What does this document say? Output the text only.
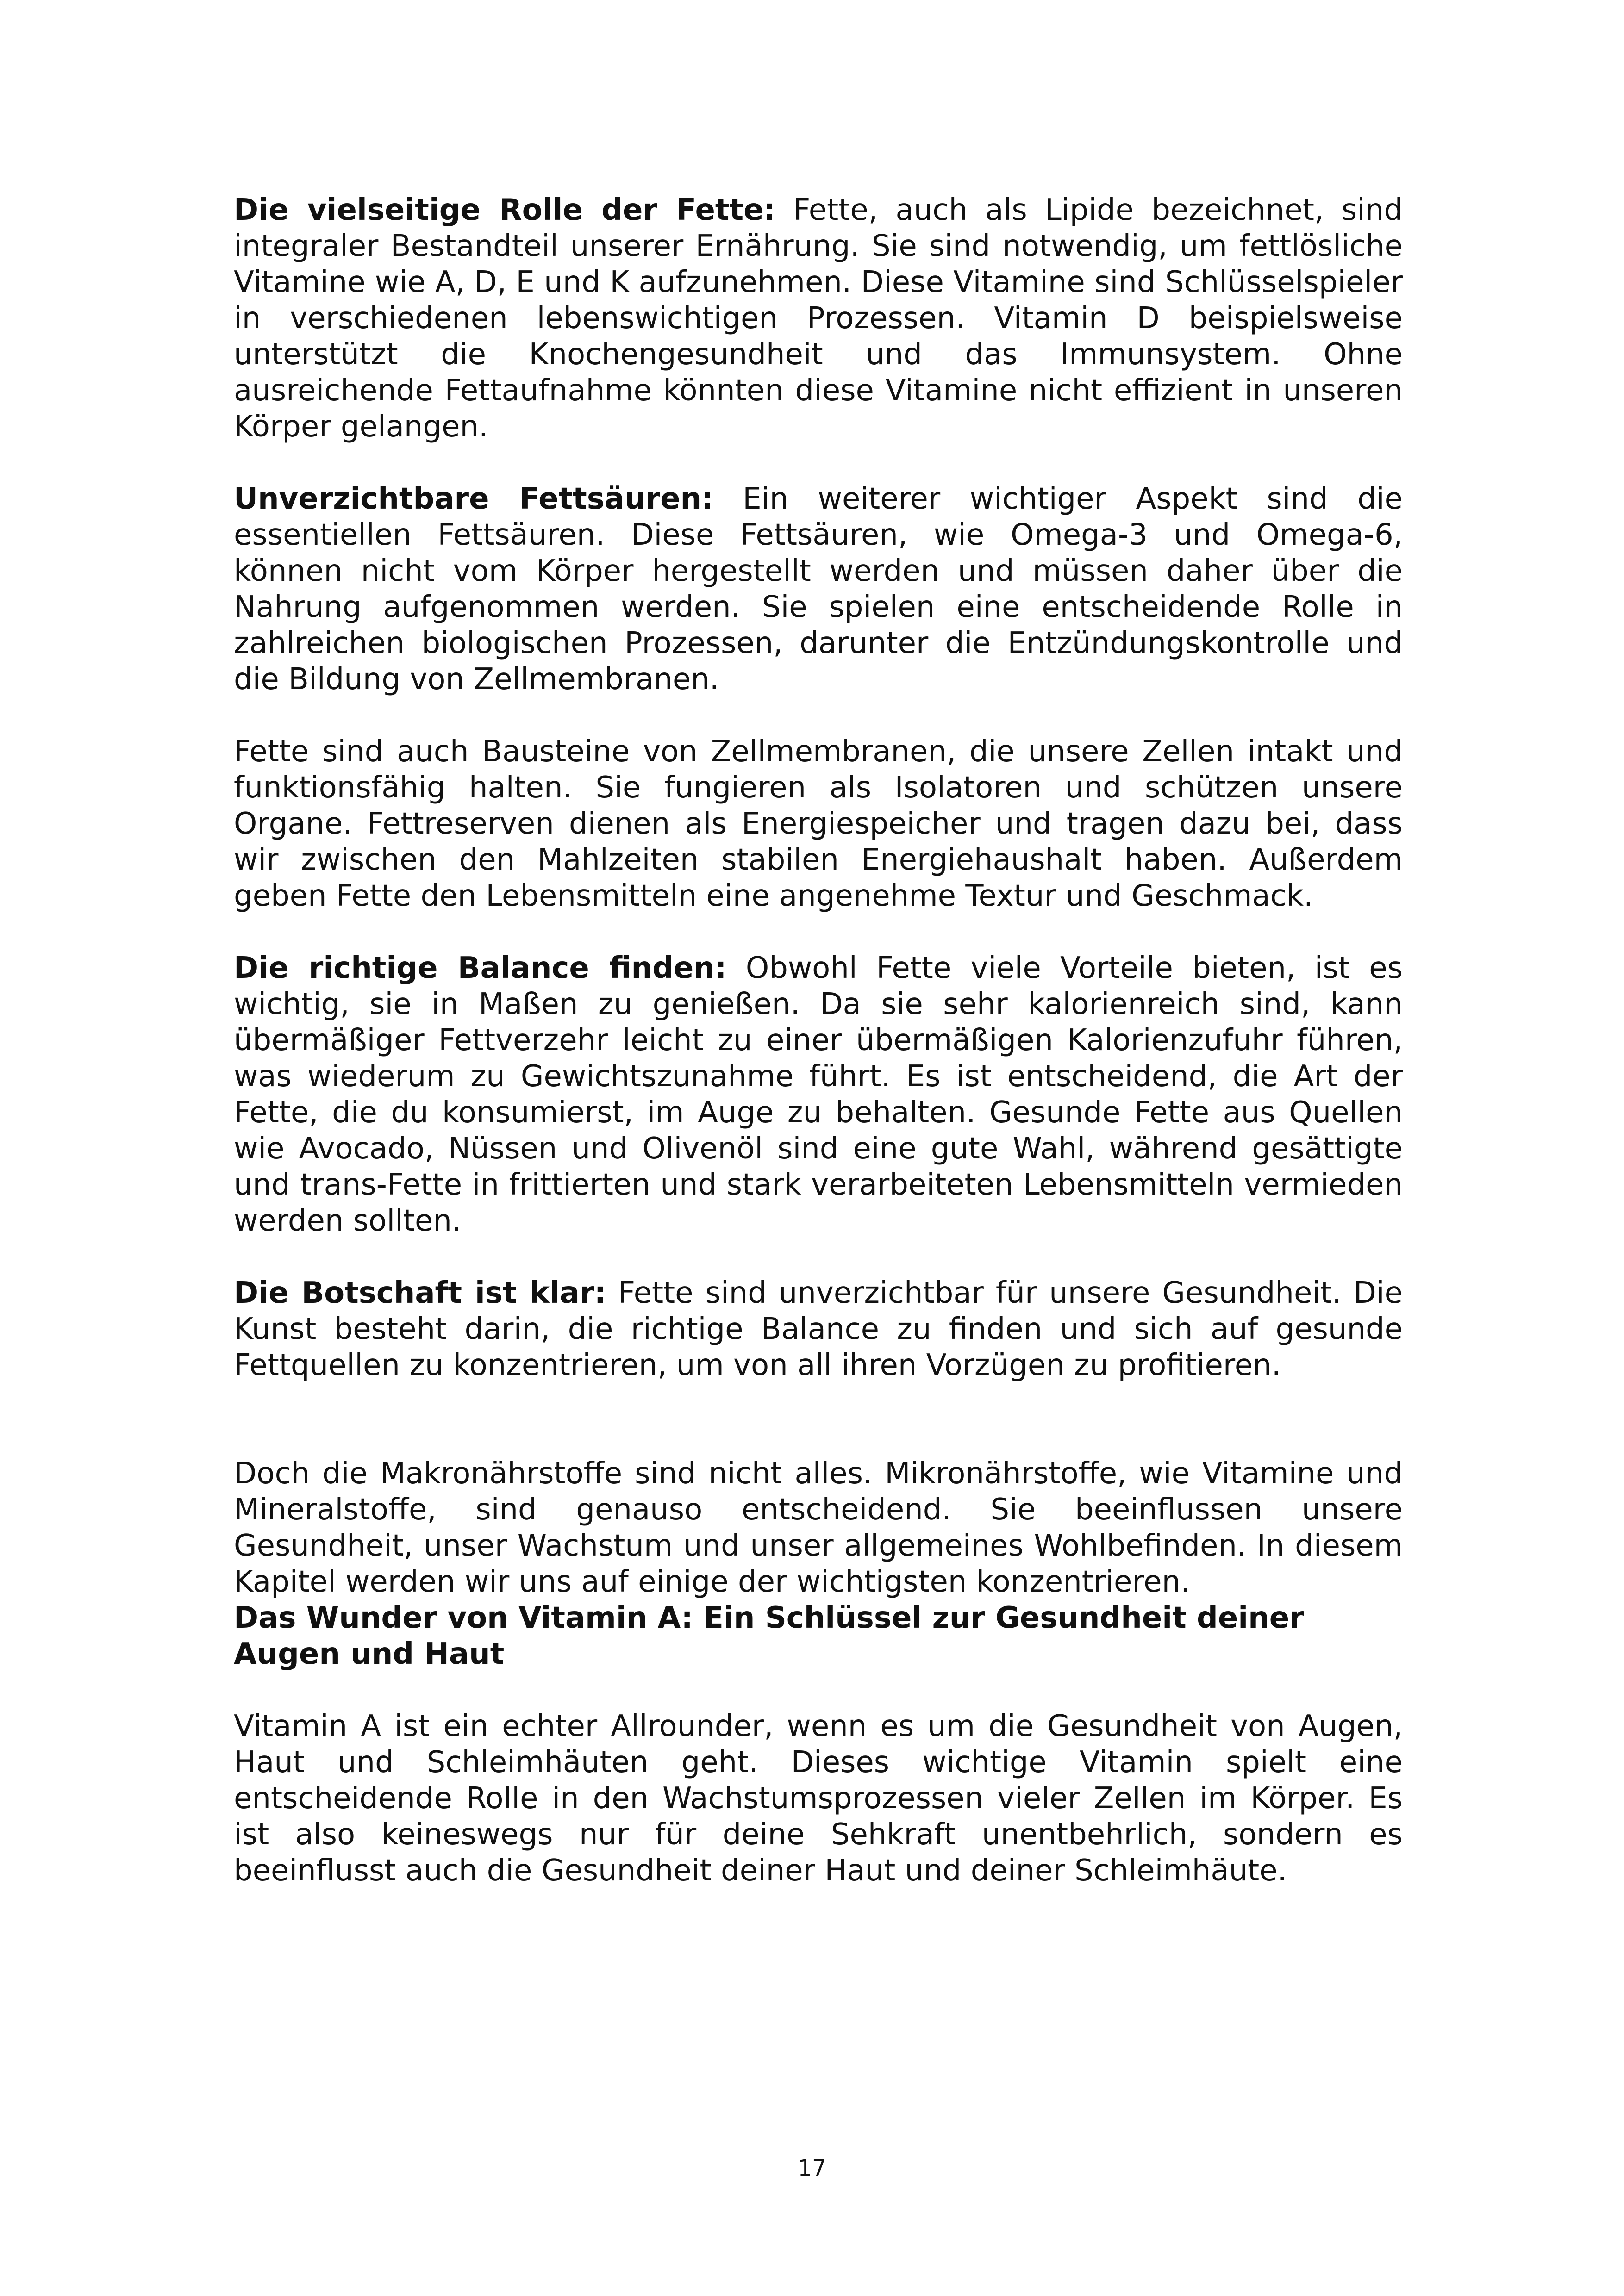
Die vielseitige Rolle der Fette: Fette, auch als Lipide bezeichnet, sind integraler Bestandteil unserer Ernährung. Sie sind notwendig, um fettlösliche Vitamine wie A, D, E und K aufzunehmen. Diese Vitamine sind Schlüsselspieler in verschiedenen lebenswichtigen Prozessen. Vitamin D beispielsweise unterstützt die Knochengesundheit und das Immunsystem. Ohne ausreichende Fettaufnahme könnten diese Vitamine nicht effizient in unseren Körper gelangen.

Unverzichtbare Fettsäuren: Ein weiterer wichtiger Aspekt sind die essentiellen Fettsäuren. Diese Fettsäuren, wie Omega-3 und Omega-6, können nicht vom Körper hergestellt werden und müssen daher über die Nahrung aufgenommen werden. Sie spielen eine entscheidende Rolle in zahlreichen biologischen Prozessen, darunter die Entzündungskontrolle und die Bildung von Zellmembranen.

Fette sind auch Bausteine von Zellmembranen, die unsere Zellen intakt und funktionsfähig halten. Sie fungieren als Isolatoren und schützen unsere Organe. Fettreserven dienen als Energiespeicher und tragen dazu bei, dass wir zwischen den Mahlzeiten stabilen Energiehaushalt haben. Außerdem geben Fette den Lebensmitteln eine angenehme Textur und Geschmack.

Die richtige Balance finden: Obwohl Fette viele Vorteile bieten, ist es wichtig, sie in Maßen zu genießen. Da sie sehr kalorienreich sind, kann übermäßiger Fettverzehr leicht zu einer übermäßigen Kalorienzufuhr führen, was wiederum zu Gewichtszunahme führt. Es ist entscheidend, die Art der Fette, die du konsumierst, im Auge zu behalten. Gesunde Fette aus Quellen wie Avocado, Nüssen und Olivenöl sind eine gute Wahl, während gesättigte und trans-Fette in frittierten und stark verarbeiteten Lebensmitteln vermieden werden sollten.

Die Botschaft ist klar: Fette sind unverzichtbar für unsere Gesundheit. Die Kunst besteht darin, die richtige Balance zu finden und sich auf gesunde Fettquellen zu konzentrieren, um von all ihren Vorzügen zu profitieren.

Doch die Makronährstoffe sind nicht alles. Mikronährstoffe, wie Vitamine und Mineralstoffe, sind genauso entscheidend. Sie beeinflussen unsere Gesundheit, unser Wachstum und unser allgemeines Wohlbefinden. In diesem Kapitel werden wir uns auf einige der wichtigsten konzentrieren.

Das Wunder von Vitamin A: Ein Schlüssel zur Gesundheit deiner Augen und Haut

Vitamin A ist ein echter Allrounder, wenn es um die Gesundheit von Augen, Haut und Schleimhäuten geht. Dieses wichtige Vitamin spielt eine entscheidende Rolle in den Wachstumsprozessen vieler Zellen im Körper. Es ist also keineswegs nur für deine Sehkraft unentbehrlich, sondern es beeinflusst auch die Gesundheit deiner Haut und deiner Schleimhäute.

17
